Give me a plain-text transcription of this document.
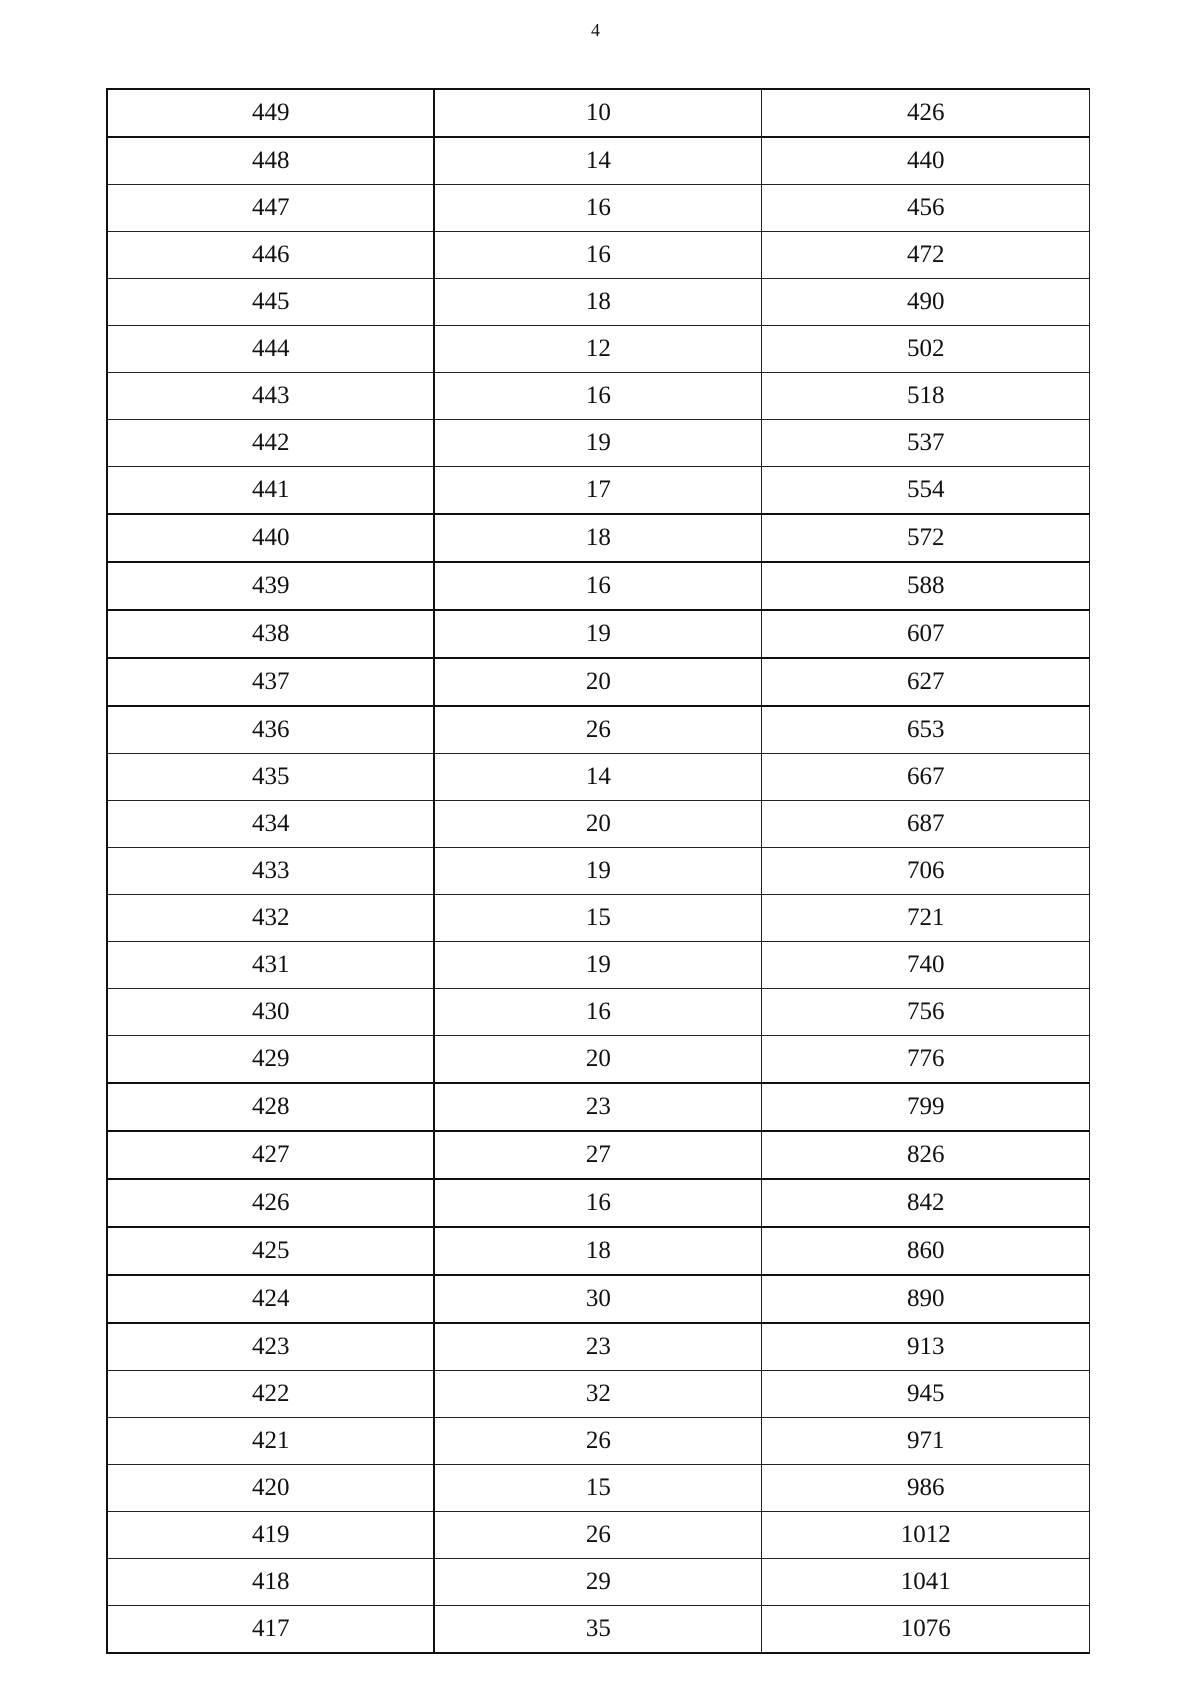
4
449	10	426
448	14	440
447	16	456
446	16	472
445	18	490
444	12	502
443	16	518
442	19	537
441	17	554
440	18	572
439	16	588
438	19	607
437	20	627
436	26	653
435	14	667
434	20	687
433	19	706
432	15	721
431	19	740
430	16	756
429	20	776
428	23	799
427	27	826
426	16	842
425	18	860
424	30	890
423	23	913
422	32	945
421	26	971
420	15	986
419	26	1012
418	29	1041
417	35	1076
